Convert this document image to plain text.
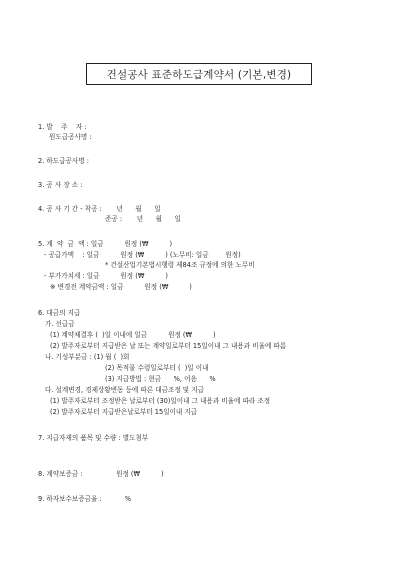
건설공사 표준하도급계약서 (기본,변경)
1. 발    주    자 :
원도급공사명 :
2. 하도급공사명 :
3. 공 사 장 소 :
4. 공 사 기 간 - 착공 :       년      월      일
준공 :       년      월      일
5. 계  약  금  액 : 일금          원정 (₩          )
- 공급가액    : 일금          원정 (₩          ) (노무비: 일금        원정)
* 건설산업기본법시행령 제84조 규정에 의한 노무비
- 부가가치세 : 일금          원정 (₩          )
※ 변경전 계약금액 : 일금          원정 (₩          )
6. 대금의 지급
가. 선급금
(1) 계약체결후 (  )일 이내에 일금          원정 (₩          )
(2) 발주자로부터 지급받은 날 또는 계약일로부터 15일이내 그 내용과 비율에 따름
나. 기성부분금 : (1) 월 (  )회
(2) 목적물 수령일로부터 (  )일 이내
(3) 지급방법 : 현금      %, 어음      %
다. 설계변경, 경제상황변동 등에 따른 대금조정 및 지급
(1) 발주자로부터 조정받은 날로부터 (30)일이내 그 내용과 비율에 따라 조정
(2) 발주자로부터 지급받은날로부터 15일이내 지급
7. 지급자재의 품목 및 수량 : 별도첨부
8. 계약보증금 :                원정 (₩          )
9. 하자보수보증금율 :           %
